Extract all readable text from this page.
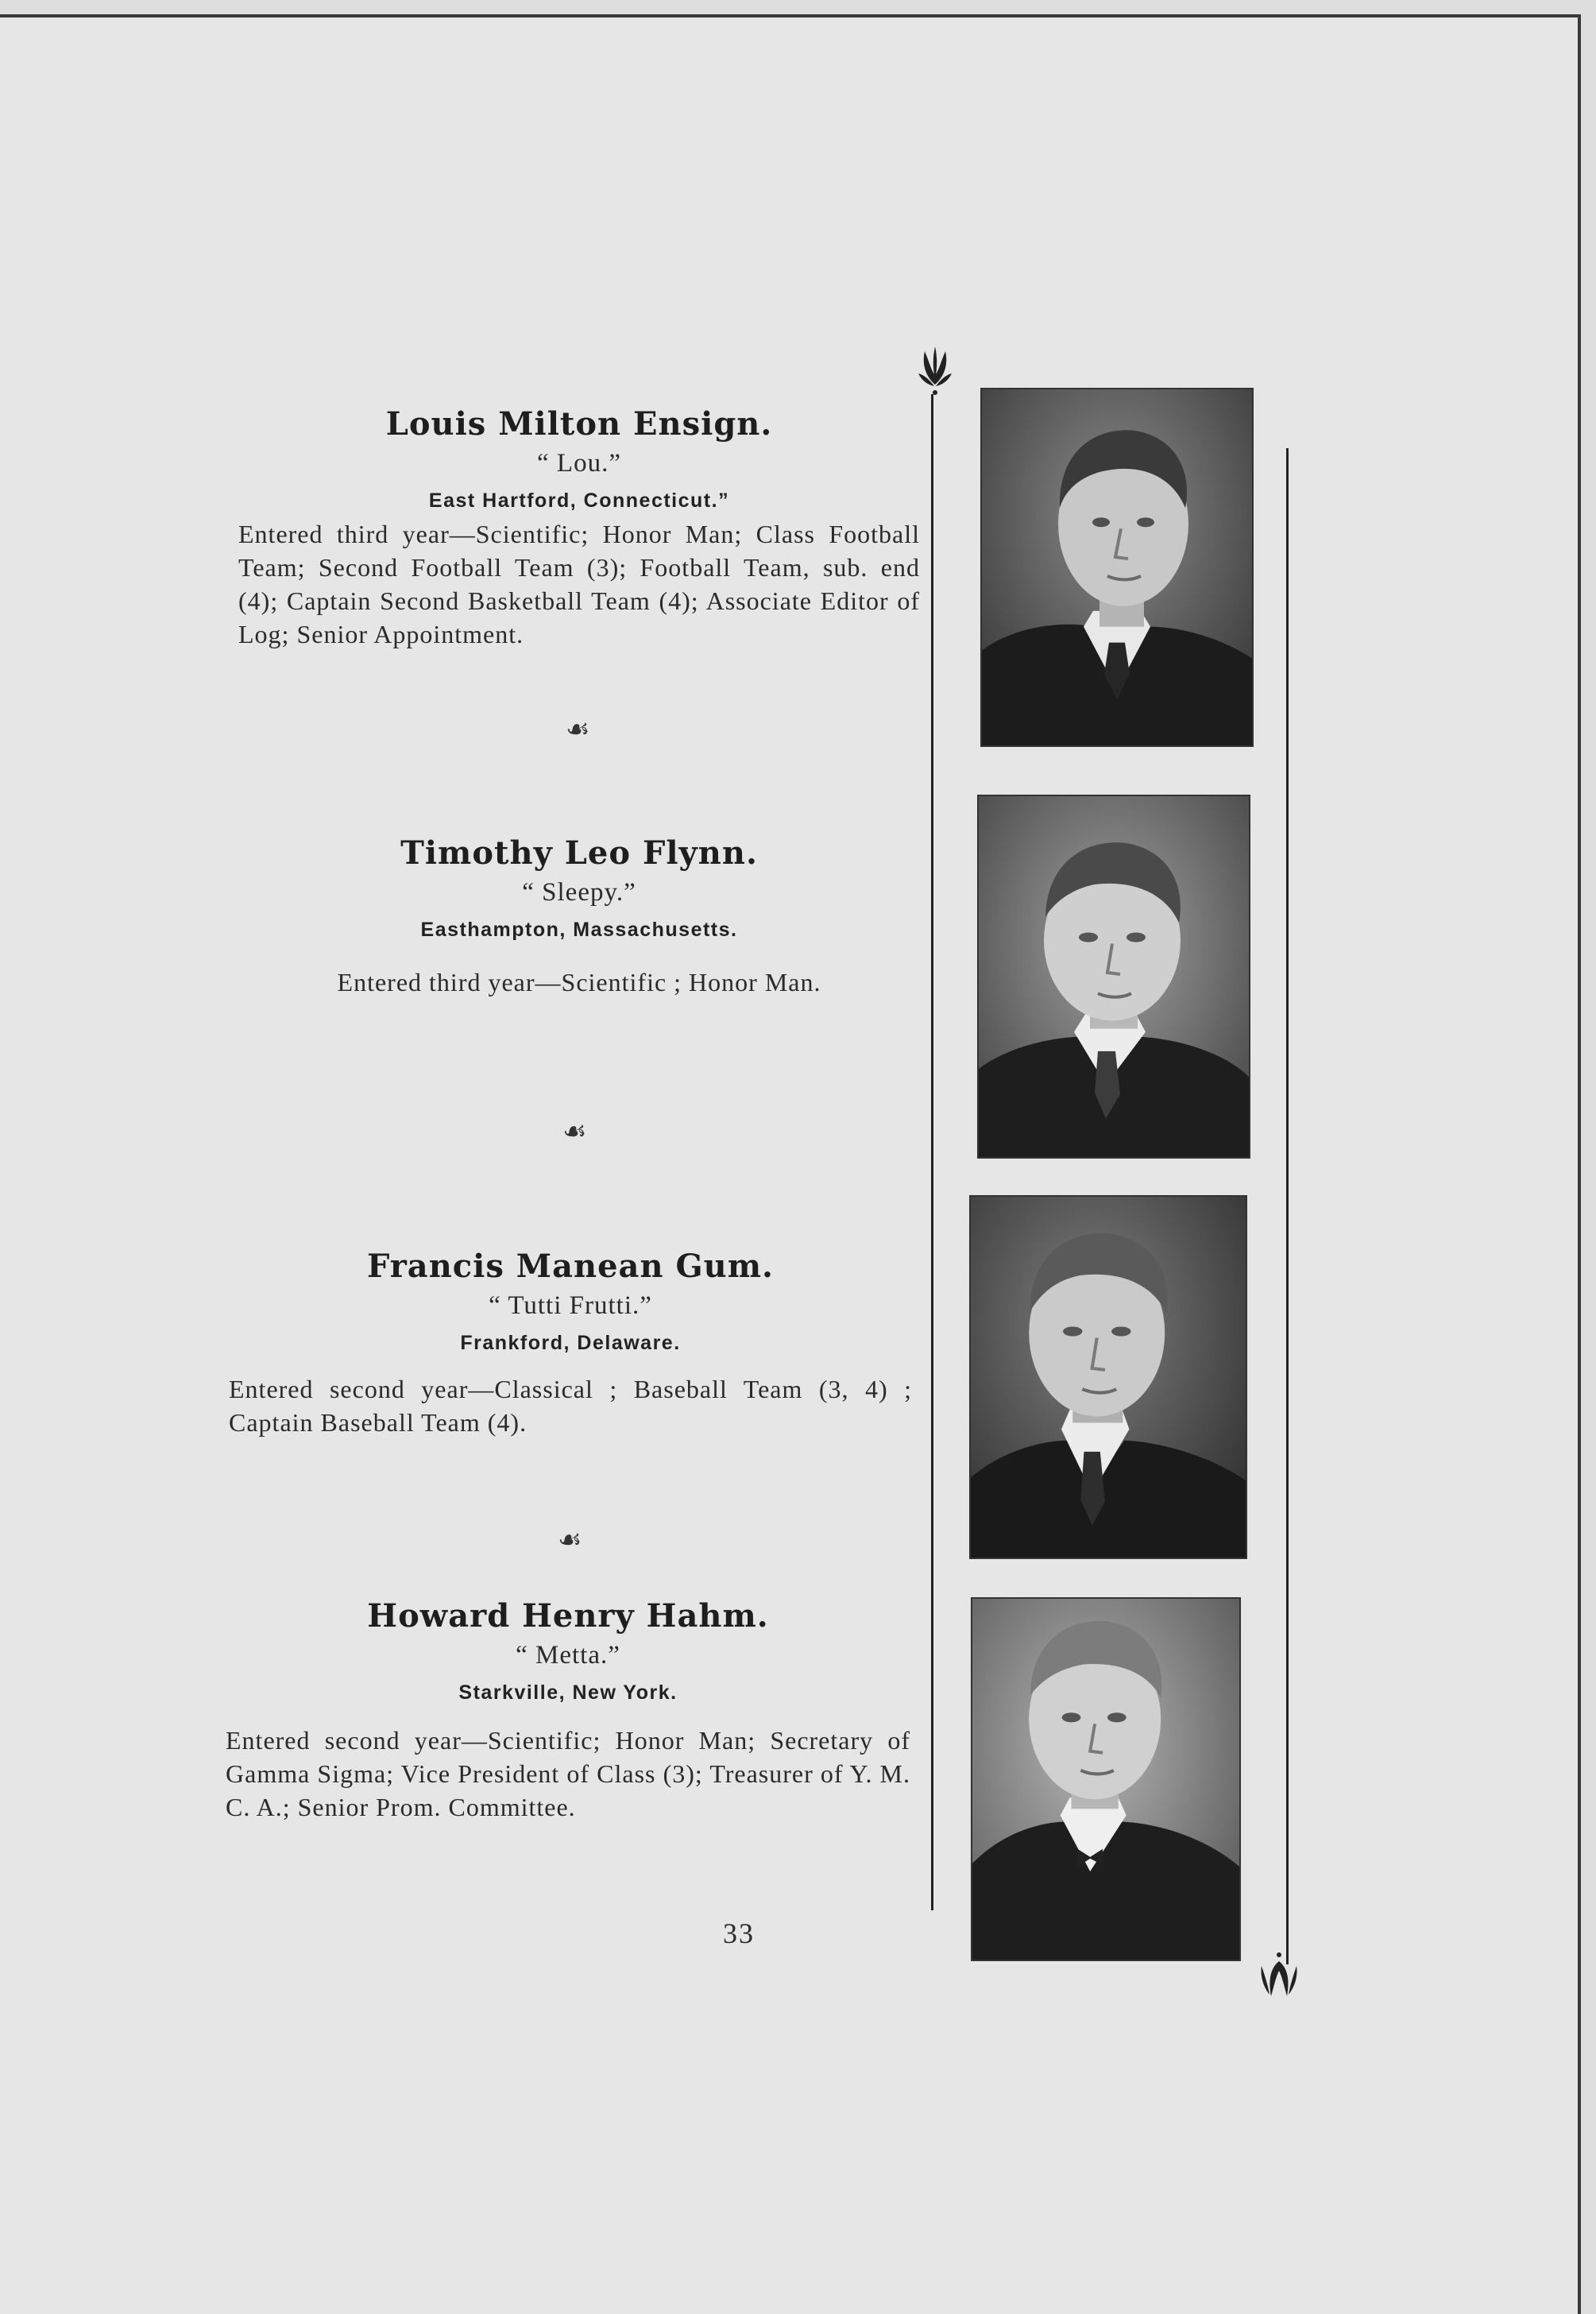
Louis Milton Ensign.
“ Lou.”
East Hartford, Connecticut.”
Entered third year—Scientific; Honor Man; Class Football Team; Second Football Team (3); Football Team, sub. end (4); Captain Second Basketball Team (4); Associate Editor of Log; Senior Appointment.
☙
Timothy Leo Flynn.
“ Sleepy.”
Easthampton, Massachusetts.
Entered third year—Scientific ; Honor Man.
☙
Francis Manean Gum.
“ Tutti Frutti.”
Frankford, Delaware.
Entered second year—Classical ; Baseball Team (3, 4) ; Captain Baseball Team (4).
☙
Howard Henry Hahm.
“ Metta.”
Starkville, New York.
Entered second year—Scientific; Honor Man; Secretary of Gamma Sigma; Vice President of Class (3); Treasurer of Y. M. C. A.; Senior Prom. Committee.
33
